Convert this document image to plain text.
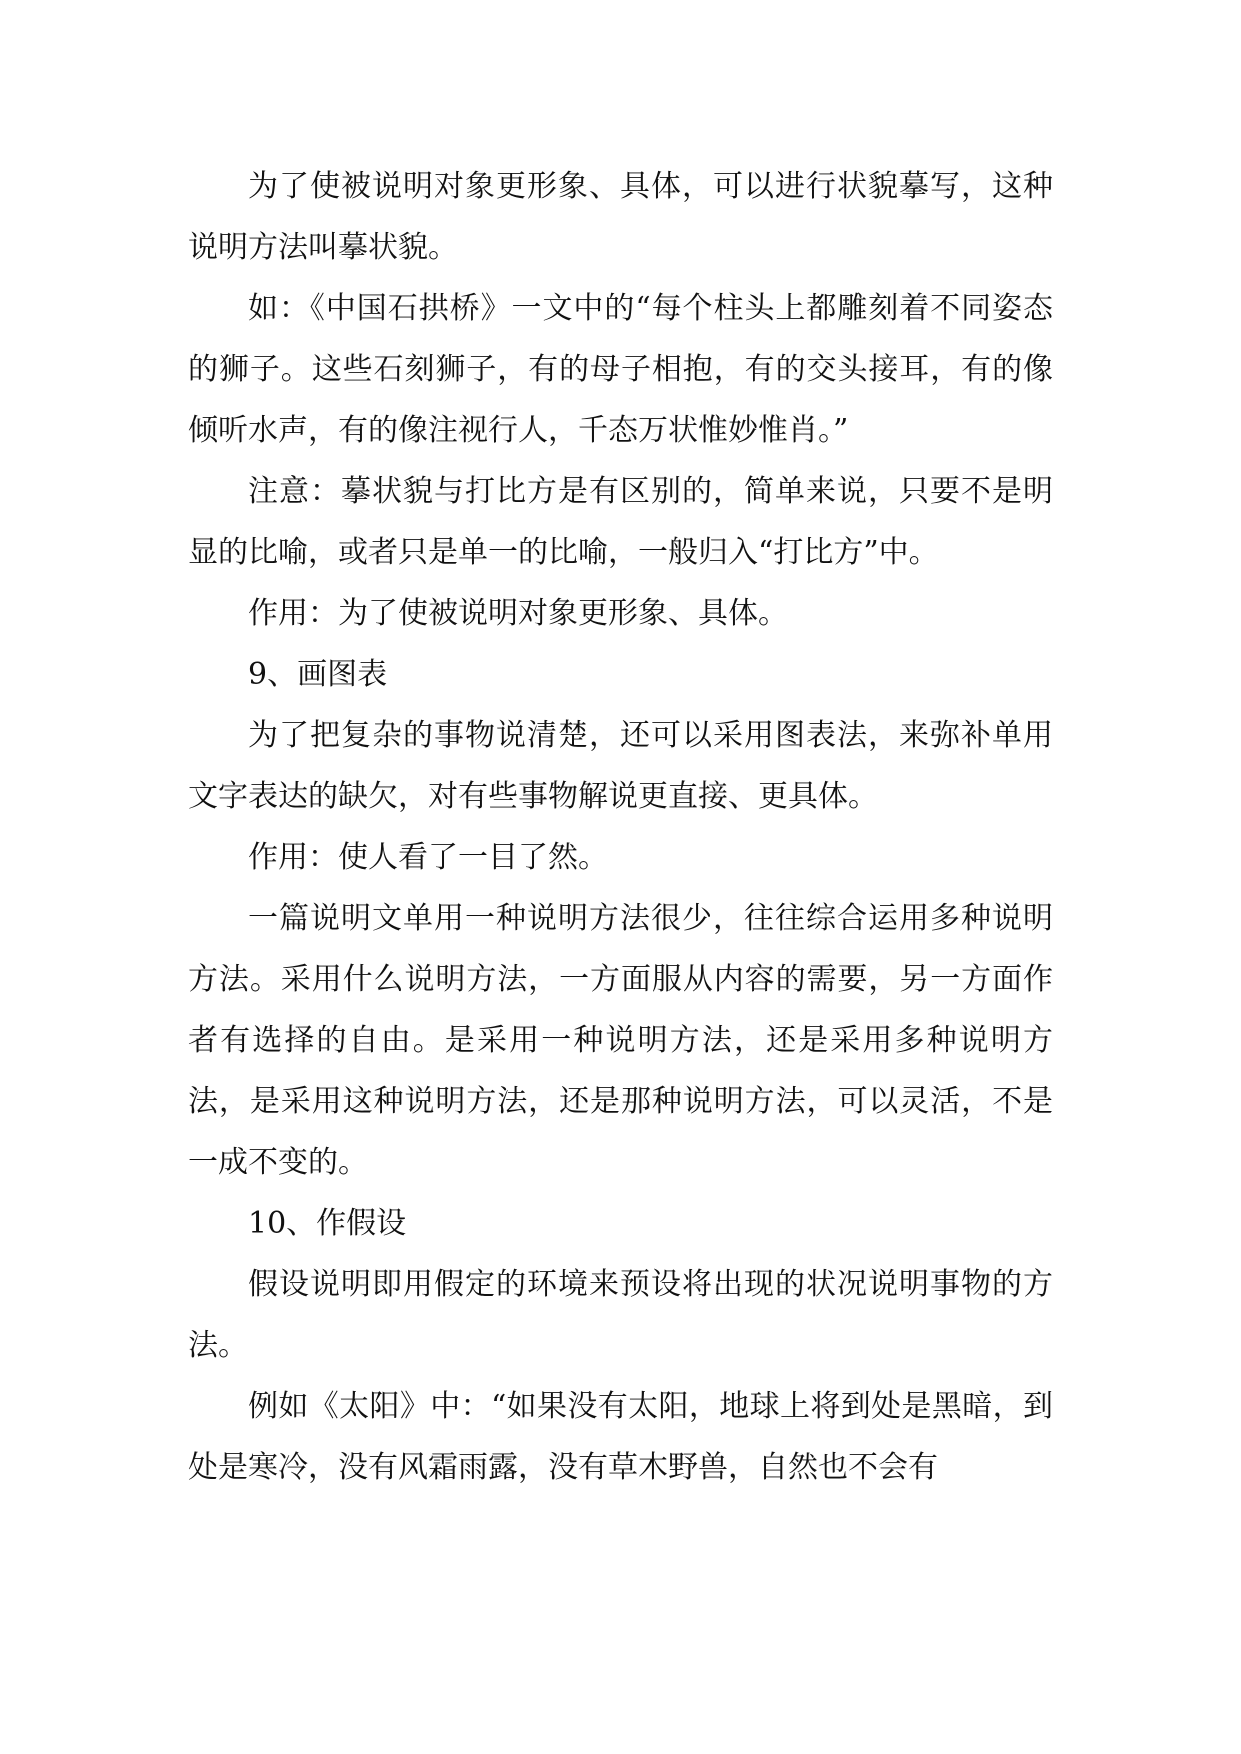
为了使被说明对象更形象、具体，可以进行状貌摹写，这种说明方法叫摹状貌。

如：《中国石拱桥》一文中的“每个柱头上都雕刻着不同姿态的狮子。这些石刻狮子，有的母子相抱，有的交头接耳，有的像倾听水声，有的像注视行人，千态万状惟妙惟肖。”

注意：摹状貌与打比方是有区别的，简单来说，只要不是明显的比喻，或者只是单一的比喻，一般归入“打比方”中。

作用：为了使被说明对象更形象、具体。

9、画图表

为了把复杂的事物说清楚，还可以采用图表法，来弥补单用文字表达的缺欠，对有些事物解说更直接、更具体。

作用：使人看了一目了然。

一篇说明文单用一种说明方法很少，往往综合运用多种说明方法。采用什么说明方法，一方面服从内容的需要，另一方面作者有选择的自由。是采用一种说明方法，还是采用多种说明方法，是采用这种说明方法，还是那种说明方法，可以灵活，不是一成不变的。

10、作假设

假设说明即用假定的环境来预设将出现的状况说明事物的方法。

例如《太阳》中：“如果没有太阳，地球上将到处是黑暗，到处是寒冷，没有风霜雨露，没有草木野兽，自然也不会有
